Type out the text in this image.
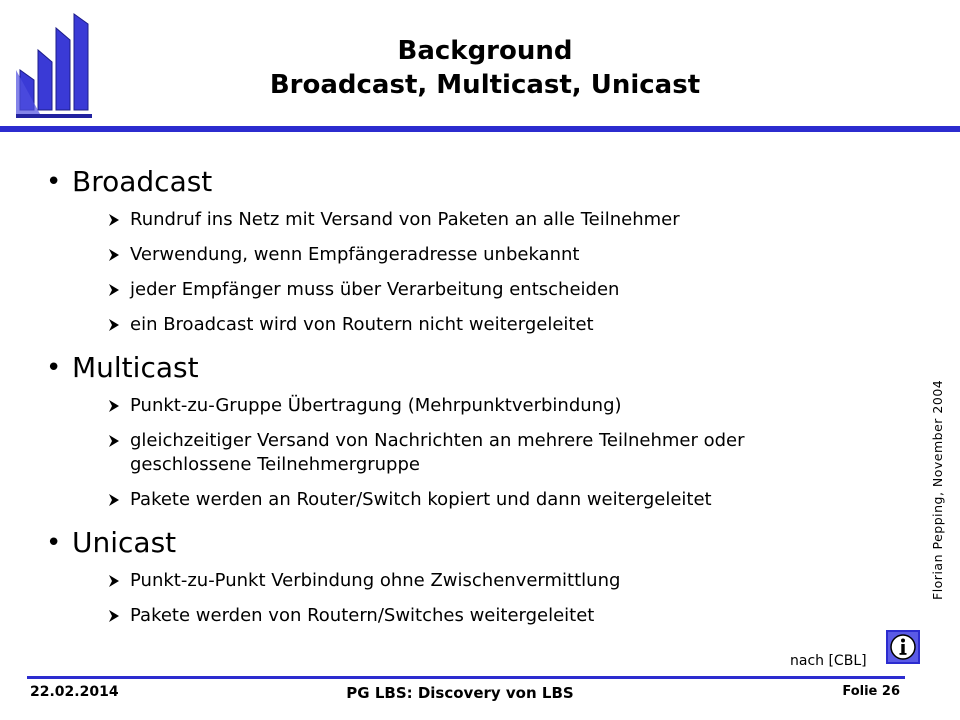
Background
Broadcast, Multicast, Unicast
• Broadcast
Rundruf ins Netz mit Versand von Paketen an alle Teilnehmer
Verwendung, wenn Empfängeradresse unbekannt
jeder Empfänger muss über Verarbeitung entscheiden
ein Broadcast wird von Routern nicht weitergeleitet
• Multicast
Punkt-zu-Gruppe Übertragung (Mehrpunktverbindung)
gleichzeitiger Versand von Nachrichten an mehrere Teilnehmer oder geschlossene Teilnehmergruppe
Pakete werden an Router/Switch kopiert und dann weitergeleitet
• Unicast
Punkt-zu-Punkt Verbindung ohne Zwischenvermittlung
Pakete werden von Routern/Switches weitergeleitet
nach [CBL]
Florian Pepping, November 2004
22.02.2014	PG LBS: Discovery von LBS	Folie 26
